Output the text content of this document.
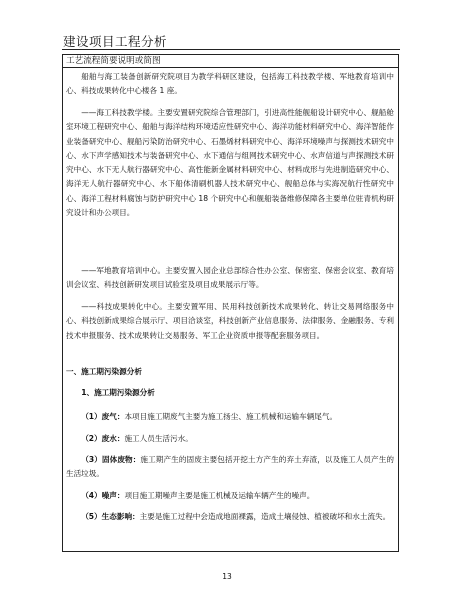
建设项目工程分析
工艺流程简要说明或简图
船舶与海工装备创新研究院项目为教学科研区建设，包括海工科技教学楼、军地教育培训中心、科技成果转化中心楼各 1 座。
——海工科技教学楼。主要安置研究院综合管理部门，引进高性能舰船设计研究中心、舰船舱室环境工程研究中心、船舶与海洋结构环境适应性研究中心、海洋功能材料研究中心、海洋智能作业装备研究中心、舰船污染防治研究中心、石墨烯材料研究中心、海洋环境噪声与探测技术研究中心、水下声学感知技术与装备研究中心、水下通信与组网技术研究中心、水声信道与声探测技术研究中心、水下无人航行器研究中心、高性能新金属材料研究中心、材料成形与先进制造研究中心、海洋无人航行器研究中心、水下船体清刷机器人技术研究中心、舰船总体与实海况航行性研究中心、海洋工程材料腐蚀与防护研究中心 18 个研究中心和舰船装备维修保障各主要单位驻青机构研究设计和办公项目。
——军地教育培训中心。主要安置入园企业总部综合性办公室、保密室、保密会议室、教育培训会议室、科技创新研发项目试验室及项目成果展示厅等。
——科技成果转化中心。主要安置军用、民用科技创新技术成果转化、转让交易网络服务中心、科技创新成果综合展示厅、项目洽谈室，科技创新产业信息服务、法律服务、金融服务、专利技术申报服务、技术成果转让交易服务、军工企业资质申报等配套服务项目。
一、施工期污染源分析
1、施工期污染源分析
（1）废气：本项目施工期废气主要为施工扬尘、施工机械和运输车辆尾气。
（2）废水：施工人员生活污水。
（3）固体废物：施工期产生的固废主要包括开挖土方产生的弃土弃渣，以及施工人员产生的生活垃圾。
（4）噪声：项目施工期噪声主要是施工机械及运输车辆产生的噪声。
（5）生态影响：主要是施工过程中会造成地面裸露，造成土壤侵蚀、植被破坏和水土流失。
13
